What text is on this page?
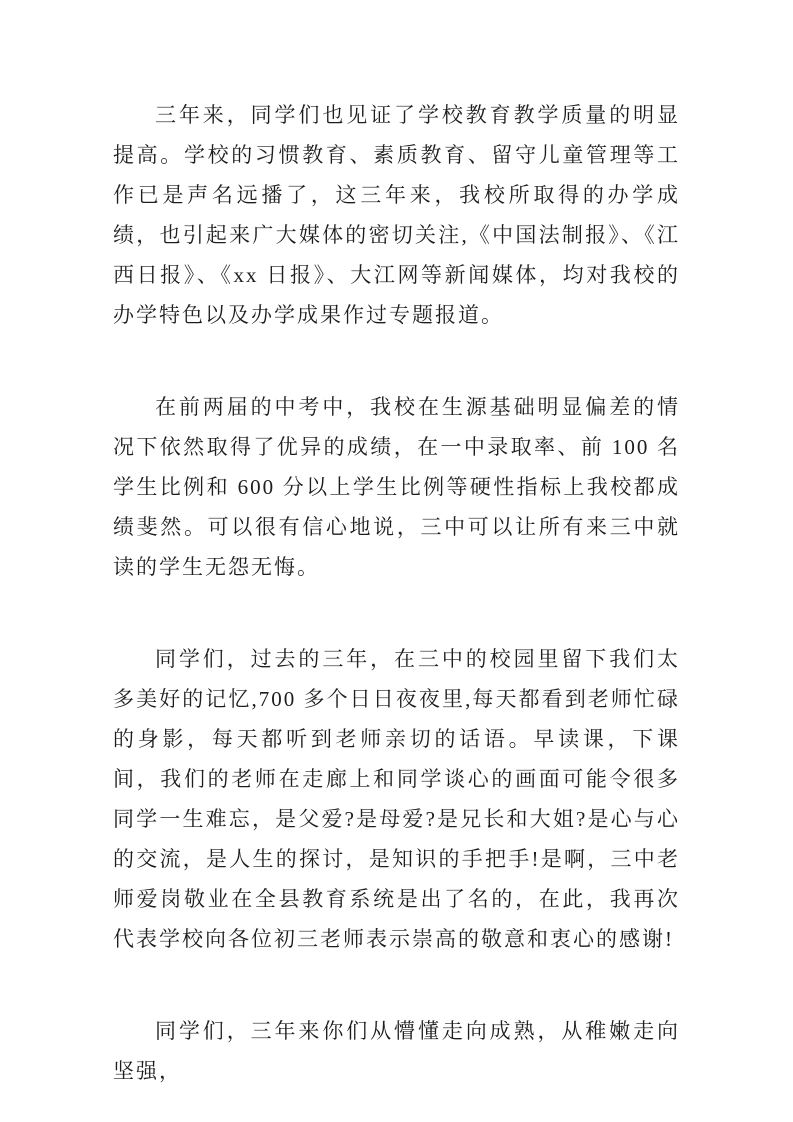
三年来，同学们也见证了学校教育教学质量的明显提高。学校的习惯教育、素质教育、留守儿童管理等工作已是声名远播了，这三年来，我校所取得的办学成绩，也引起来广大媒体的密切关注,《中国法制报》、《江西日报》、《xx 日报》、大江网等新闻媒体，均对我校的办学特色以及办学成果作过专题报道。

在前两届的中考中，我校在生源基础明显偏差的情况下依然取得了优异的成绩，在一中录取率、前 100 名学生比例和 600 分以上学生比例等硬性指标上我校都成绩斐然。可以很有信心地说，三中可以让所有来三中就读的学生无怨无悔。

同学们，过去的三年，在三中的校园里留下我们太多美好的记忆,700 多个日日夜夜里,每天都看到老师忙碌的身影，每天都听到老师亲切的话语。早读课，下课间，我们的老师在走廊上和同学谈心的画面可能令很多同学一生难忘，是父爱?是母爱?是兄长和大姐?是心与心的交流，是人生的探讨，是知识的手把手!是啊，三中老师爱岗敬业在全县教育系统是出了名的，在此，我再次代表学校向各位初三老师表示崇高的敬意和衷心的感谢!

同学们，三年来你们从懵懂走向成熟，从稚嫩走向坚强，
